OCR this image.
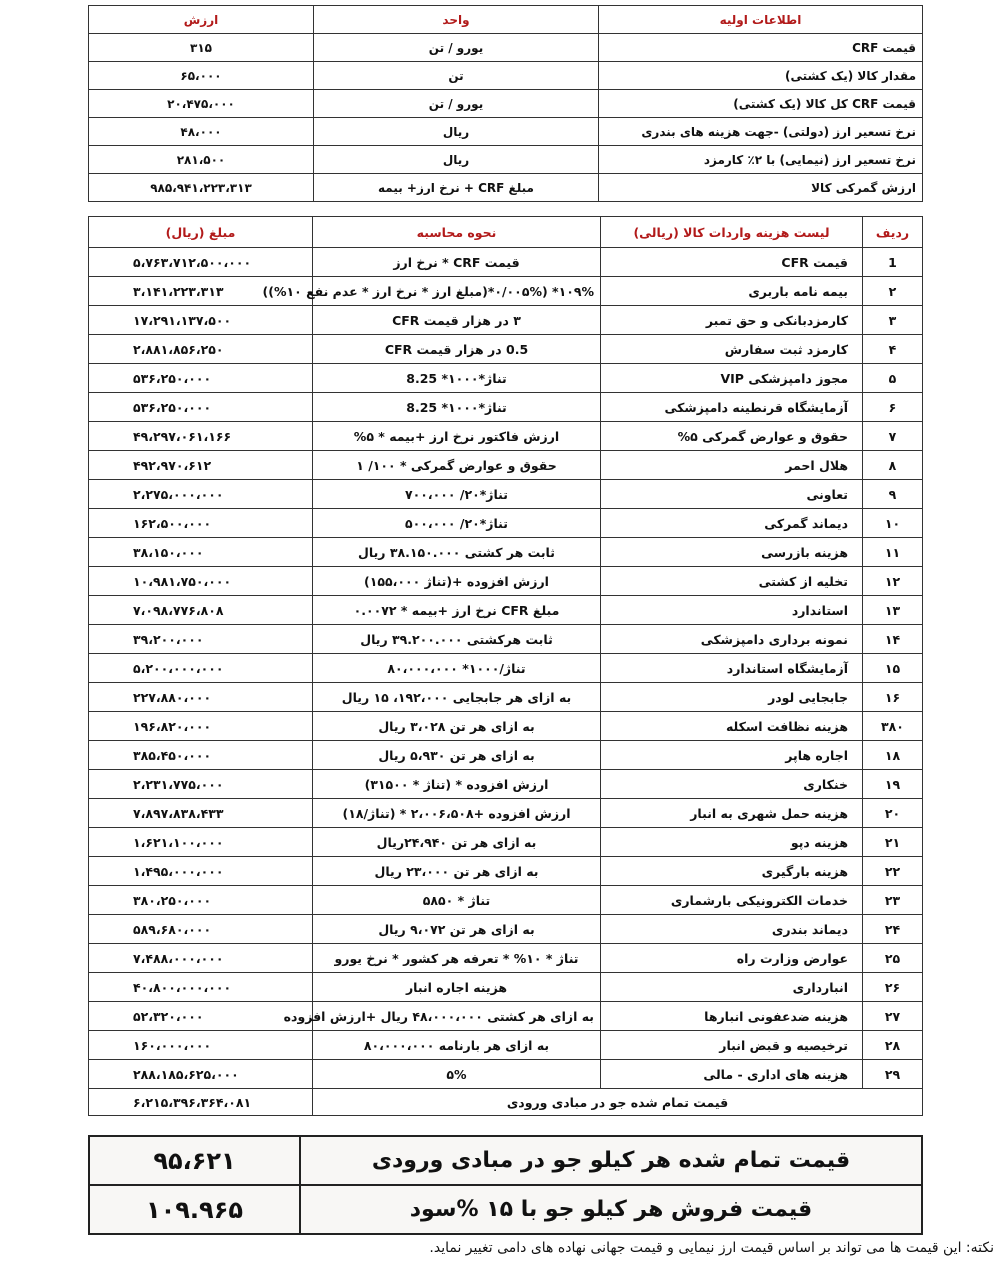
اطلاعات اولیه	واحد	ارزش
قیمت CRF	یورو / تن	۳۱۵
مقدار کالا (یک کشتی)	تن	۶۵،۰۰۰
قیمت CRF کل کالا (یک کشتی)	یورو / تن	۲۰،۴۷۵،۰۰۰
نرخ تسعیر ارز (دولتی) -جهت هزینه های بندری	ریال	۴۸،۰۰۰
نرخ تسعیر ارز (نیمایی) با ۲٪ کارمزد	ریال	۲۸۱،۵۰۰
ارزش گمرکی کالا	مبلغ CRF + نرخ ارز+ بیمه	۹۸۵،۹۴۱،۲۲۳،۳۱۳
ردیف	لیست هزینه واردات کالا (ریالی)	نحوه محاسبه	مبلغ (ریال)
1	قیمت CFR	قیمت CRF * نرخ ارز	۵،۷۶۳،۷۱۲،۵۰۰،۰۰۰
۲	بیمه نامه باربری	۱۰۹%* (۰/۰۰۵%*(مبلغ ارز * نرخ ارز * عدم نفع ۱۰%))	۳،۱۴۱،۲۲۳،۳۱۳
۳	کارمزدبانکی و حق تمبر	۳ در هزار قیمت CFR	۱۷،۲۹۱،۱۳۷،۵۰۰
۴	کارمزد ثبت سفارش	0.5 در هزار قیمت CFR	۲،۸۸۱،۸۵۶،۲۵۰
۵	مجوز دامپزشکی VIP	تناژ*۱۰۰۰* 8.25	۵۳۶،۲۵۰،۰۰۰
۶	آزمایشگاه قرنطینه دامپزشکی	تناژ*۱۰۰۰* 8.25	۵۳۶،۲۵۰،۰۰۰
۷	حقوق و عوارض گمرکی ۵%	ارزش فاکتور نرخ ارز +بیمه * ۵%	۴۹،۲۹۷،۰۶۱،۱۶۶
۸	هلال احمر	حقوق و عوارض گمرکی * ۱۰۰/ ۱	۴۹۲،۹۷۰،۶۱۲
۹	تعاونی	تناژ*۲۰/ ۷۰۰،۰۰۰	۲،۲۷۵،۰۰۰،۰۰۰
۱۰	دیماند گمرکی	تناژ*۲۰/ ۵۰۰،۰۰۰	۱۶۲،۵۰۰،۰۰۰
۱۱	هزینه بازرسی	ثابت هر کشتی ۳۸.۱۵۰.۰۰۰ ریال	۳۸،۱۵۰،۰۰۰
۱۲	تخلیه از کشتی	ارزش افزوده +(تناژ ۱۵۵،۰۰۰)	۱۰،۹۸۱،۷۵۰،۰۰۰
۱۳	استاندارد	مبلغ CFR نرخ ارز +بیمه * ۰.۰۰۷۲	۷،۰۹۸،۷۷۶،۸۰۸
۱۴	نمونه برداری دامپزشکی	ثابت هرکشتی ۳۹.۲۰۰.۰۰۰ ریال	۳۹،۲۰۰،۰۰۰
۱۵	آزمایشگاه استاندارد	تناژ/۱۰۰۰* ۸۰،۰۰۰،۰۰۰	۵،۲۰۰،۰۰۰،۰۰۰
۱۶	جابجایی لودر	به ازای هر جابجایی ۱۹۲،۰۰۰، ۱۵ ریال	۲۲۷،۸۸۰،۰۰۰
۳۸۰	هزینه نظافت اسکله	به ازای هر تن ۳،۰۲۸ ریال	۱۹۶،۸۲۰،۰۰۰
۱۸	اجاره هاپر	به ازای هر تن ۵،۹۳۰ ریال	۳۸۵،۴۵۰،۰۰۰
۱۹	خنکاری	ارزش افزوده * (تناژ * ۳۱۵۰۰)	۲،۲۳۱،۷۷۵،۰۰۰
۲۰	هزینه حمل شهری به انبار	ارزش افزوده +۲،۰۰۶،۵۰۸ * (تناژ/۱۸)	۷،۸۹۷،۸۳۸،۴۳۳
۲۱	هزینه دپو	به ازای هر تن ۲۴،۹۴۰ریال	۱،۶۲۱،۱۰۰،۰۰۰
۲۲	هزینه بارگیری	به ازای هر تن ۲۳،۰۰۰ ریال	۱،۴۹۵،۰۰۰،۰۰۰
۲۳	خدمات الکترونیکی بارشماری	تناژ * ۵۸۵۰	۳۸۰،۲۵۰،۰۰۰
۲۴	دیماند بندری	به ازای هر تن ۹،۰۷۲ ریال	۵۸۹،۶۸۰،۰۰۰
۲۵	عوارض وزارت راه	تناژ * ۱۰% * تعرفه هر کشور * نرخ یورو	۷،۴۸۸،۰۰۰،۰۰۰
۲۶	انبارداری	هزینه اجاره انبار	۴۰،۸۰۰،۰۰۰،۰۰۰
۲۷	هزینه ضدعفونی انبارها	به ازای هر کشتی ۴۸،۰۰۰،۰۰۰ ریال +ارزش افزوده	۵۲،۳۲۰،۰۰۰
۲۸	ترخیصیه و قبض انبار	به ازای هر بارنامه ۸۰،۰۰۰،۰۰۰	۱۶۰،۰۰۰،۰۰۰
۲۹	هزینه های اداری - مالی	۵%	۲۸۸،۱۸۵،۶۲۵،۰۰۰
قیمت تمام شده جو در مبادی ورودی			۶،۲۱۵،۳۹۶،۳۶۴،۰۸۱
قیمت تمام شده هر کیلو جو در مبادی ورودی	۹۵،۶۲۱
قیمت فروش هر کیلو جو با ۱۵ %سود	۱۰۹.۹۶۵
نکته: این قیمت ها می تواند بر اساس قیمت ارز نیمایی و قیمت جهانی نهاده های دامی تغییر نماید.
